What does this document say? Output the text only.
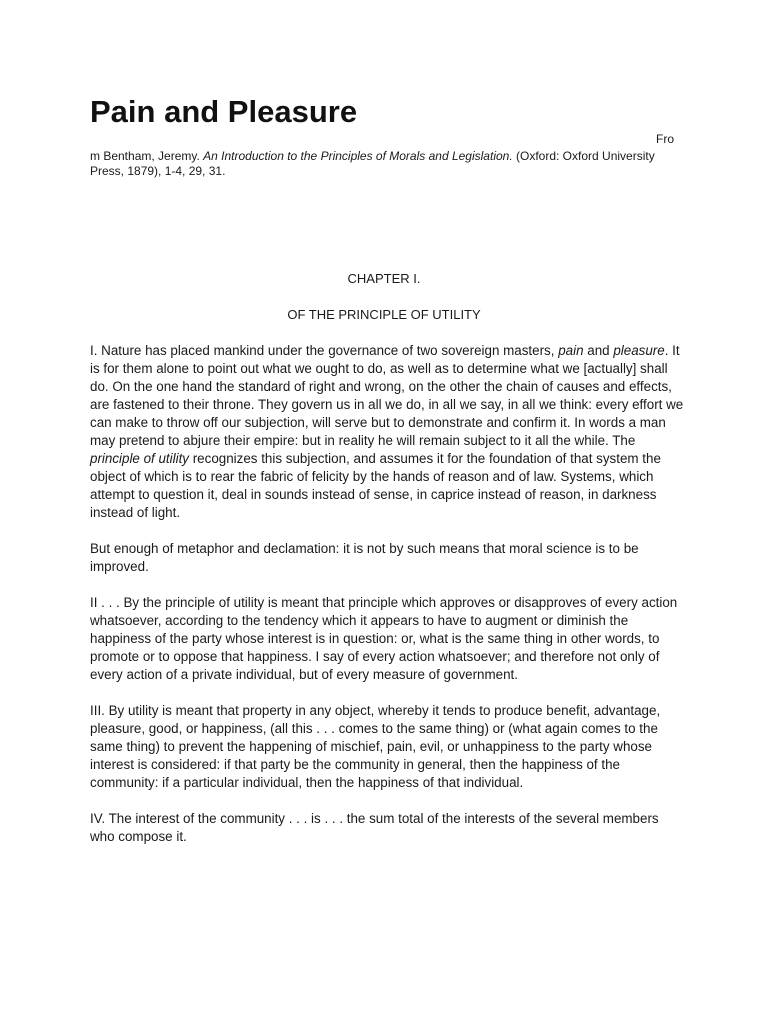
Pain and Pleasure
Fro

m Bentham, Jeremy. An Introduction to the Principles of Morals and Legislation. (Oxford: Oxford University Press, 1879), 1-4, 29, 31.

CHAPTER I.
OF THE PRINCIPLE OF UTILITY

I. Nature has placed mankind under the governance of two sovereign masters, pain and pleasure. It is for them alone to point out what we ought to do, as well as to determine what we [actually] shall do. On the one hand the standard of right and wrong, on the other the chain of causes and effects, are fastened to their throne. They govern us in all we do, in all we say, in all we think: every effort we can make to throw off our subjection, will serve but to demonstrate and confirm it. In words a man may pretend to abjure their empire: but in reality he will remain subject to it all the while. The principle of utility recognizes this subjection, and assumes it for the foundation of that system the object of which is to rear the fabric of felicity by the hands of reason and of law. Systems, which attempt to question it, deal in sounds instead of sense, in caprice instead of reason, in darkness instead of light.

But enough of metaphor and declamation: it is not by such means that moral science is to be improved.

II . . . By the principle of utility is meant that principle which approves or disapproves of every action whatsoever, according to the tendency which it appears to have to augment or diminish the happiness of the party whose interest is in question: or, what is the same thing in other words, to promote or to oppose that happiness. I say of every action whatsoever; and therefore not only of every action of a private individual, but of every measure of government.

III. By utility is meant that property in any object, whereby it tends to produce benefit, advantage, pleasure, good, or happiness, (all this . . . comes to the same thing) or (what again comes to the same thing) to prevent the happening of mischief, pain, evil, or unhappiness to the party whose interest is considered: if that party be the community in general, then the happiness of the community: if a particular individual, then the happiness of that individual.

IV. The interest of the community . . . is . . . the sum total of the interests of the several members who compose it.
